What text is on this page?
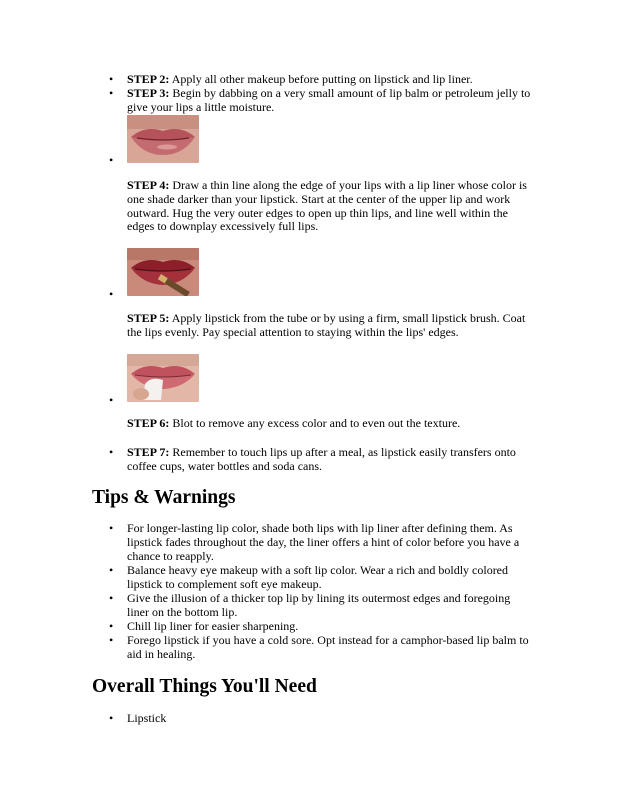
• STEP 2: Apply all other makeup before putting on lipstick and lip liner.
• STEP 3: Begin by dabbing on a very small amount of lip balm or petroleum jelly to give your lips a little moisture.
•
STEP 4: Draw a thin line along the edge of your lips with a lip liner whose color is one shade darker than your lipstick. Start at the center of the upper lip and work outward. Hug the very outer edges to open up thin lips, and line well within the edges to downplay excessively full lips.
•
STEP 5: Apply lipstick from the tube or by using a firm, small lipstick brush. Coat the lips evenly. Pay special attention to staying within the lips' edges.
•
STEP 6: Blot to remove any excess color and to even out the texture.
• STEP 7: Remember to touch lips up after a meal, as lipstick easily transfers onto coffee cups, water bottles and soda cans.
Tips & Warnings
• For longer-lasting lip color, shade both lips with lip liner after defining them. As lipstick fades throughout the day, the liner offers a hint of color before you have a chance to reapply.
• Balance heavy eye makeup with a soft lip color. Wear a rich and boldly colored lipstick to complement soft eye makeup.
• Give the illusion of a thicker top lip by lining its outermost edges and foregoing liner on the bottom lip.
• Chill lip liner for easier sharpening.
• Forego lipstick if you have a cold sore. Opt instead for a camphor-based lip balm to aid in healing.
Overall Things You'll Need
• Lipstick
